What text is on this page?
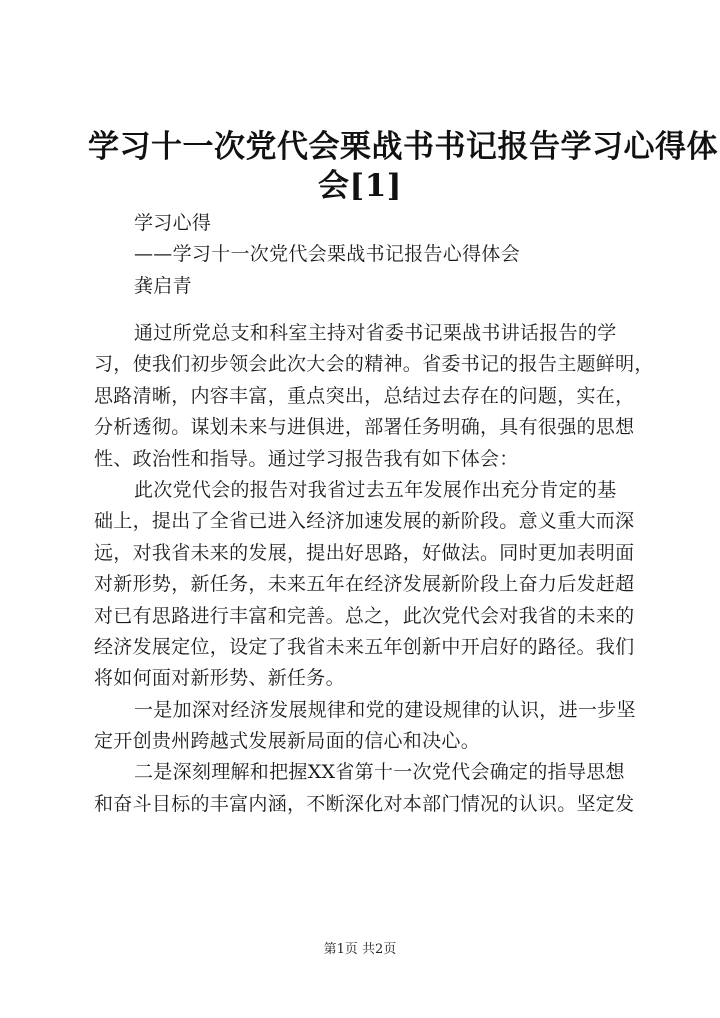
学习十一次党代会栗战书书记报告学习心得体
会[1]
学习心得
——学习十一次党代会栗战书记报告心得体会
龚启青
通过所党总支和科室主持对省委书记栗战书讲话报告的学
习，使我们初步领会此次大会的精神。省委书记的报告主题鲜明，
思路清晰，内容丰富，重点突出，总结过去存在的问题，实在，
分析透彻。谋划未来与进俱进，部署任务明确，具有很强的思想
性、政治性和指导。通过学习报告我有如下体会：
此次党代会的报告对我省过去五年发展作出充分肯定的基
础上，提出了全省已进入经济加速发展的新阶段。意义重大而深
远，对我省未来的发展，提出好思路，好做法。同时更加表明面
对新形势，新任务，未来五年在经济发展新阶段上奋力后发赶超
对已有思路进行丰富和完善。总之，此次党代会对我省的未来的
经济发展定位，设定了我省未来五年创新中开启好的路径。我们
将如何面对新形势、新任务。
一是加深对经济发展规律和党的建设规律的认识，进一步坚
定开创贵州跨越式发展新局面的信心和决心。
二是深刻理解和把握XX省第十一次党代会确定的指导思想
和奋斗目标的丰富内涵，不断深化对本部门情况的认识。坚定发
第1页 共2页
